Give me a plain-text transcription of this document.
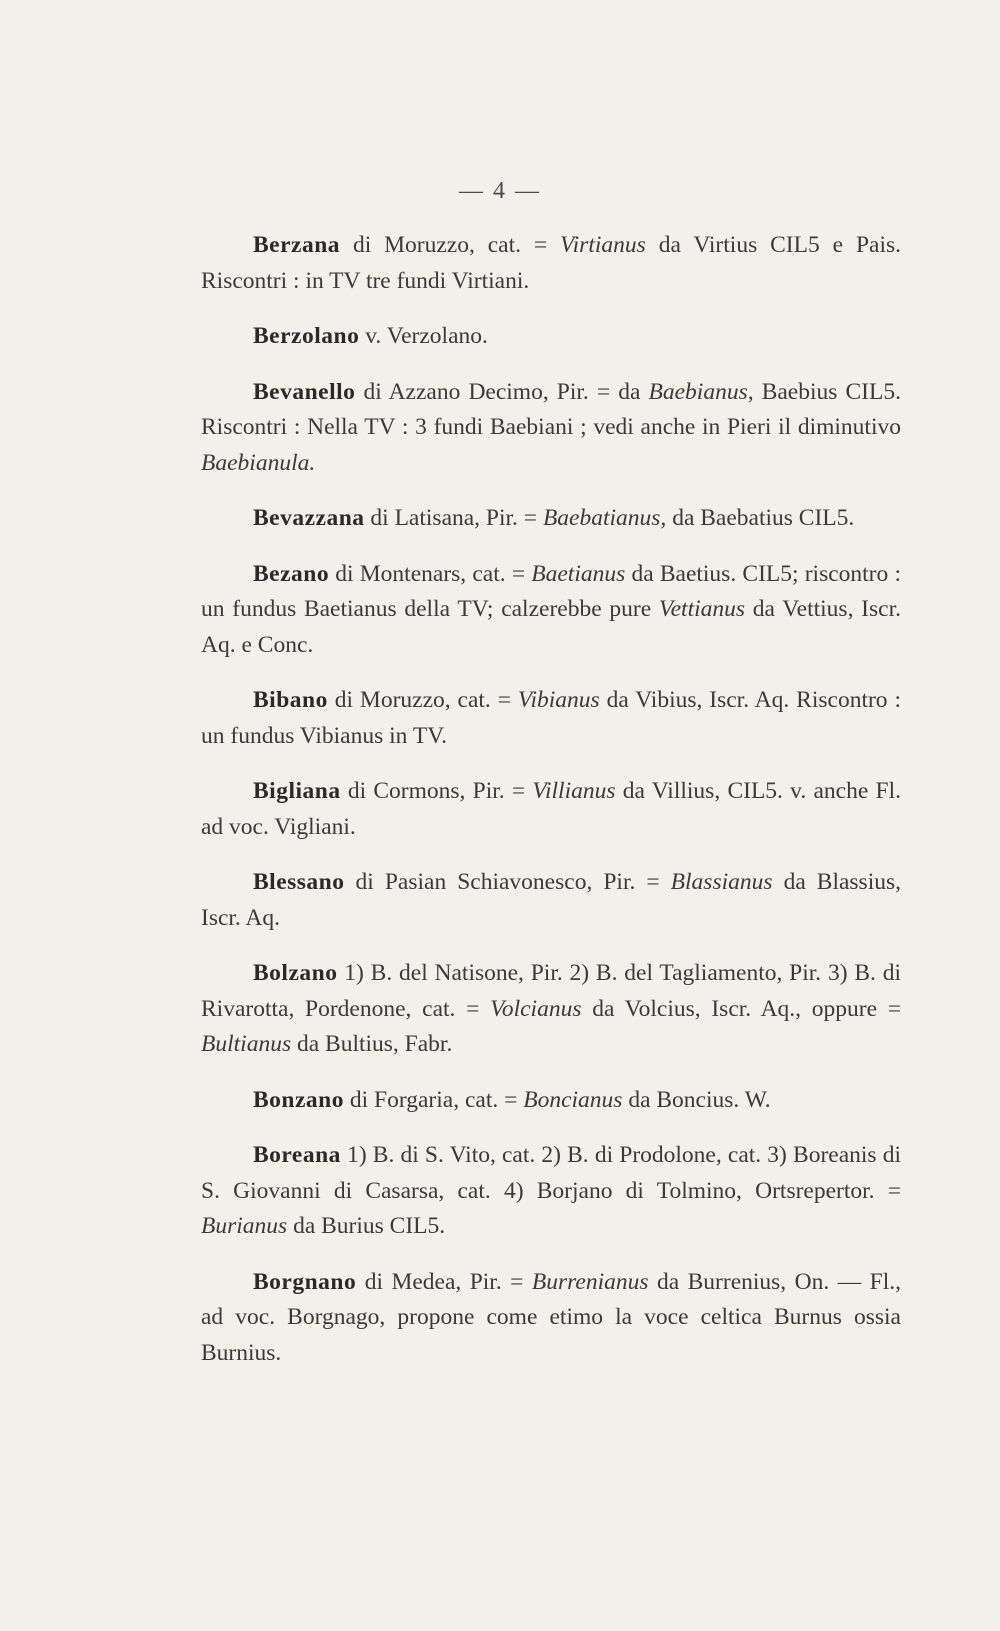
— 4 —

Berzana di Moruzzo, cat. = Virtianus da Virtius CIL5 e Pais. Riscontri : in TV tre fundi Virtiani.

Berzolano v. Verzolano.

Bevanello di Azzano Decimo, Pir. = da Baebianus, Baebius CIL5. Riscontri : Nella TV : 3 fundi Baebiani ; vedi anche in Pieri il diminutivo Baebianula.

Bevazzana di Latisana, Pir. = Baebatianus, da Baebatius CIL5.

Bezano di Montenars, cat. = Baetianus da Baetius. CIL5; riscontro : un fundus Baetianus della TV; calzerebbe pure Vettianus da Vettius, Iscr. Aq. e Conc.

Bibano di Moruzzo, cat. = Vibianus da Vibius, Iscr. Aq. Riscontro : un fundus Vibianus in TV.

Bigliana di Cormons, Pir. = Villianus da Villius, CIL5. v. anche Fl. ad voc. Vigliani.

Blessano di Pasian Schiavonesco, Pir. = Blassianus da Blassius, Iscr. Aq.

Bolzano 1) B. del Natisone, Pir. 2) B. del Tagliamento, Pir. 3) B. di Rivarotta, Pordenone, cat. = Volcianus da Volcius, Iscr. Aq., oppure = Bultianus da Bultius, Fabr.

Bonzano di Forgaria, cat. = Boncianus da Boncius. W.

Boreana 1) B. di S. Vito, cat. 2) B. di Prodolone, cat. 3) Boreanis di S. Giovanni di Casarsa, cat. 4) Borjano di Tolmino, Ortsrepertor. = Burianus da Burius CIL5.

Borgnano di Medea, Pir. = Burrenianus da Burrenius, On. — Fl., ad voc. Borgnago, propone come etimo la voce celtica Burnus ossia Burnius.
